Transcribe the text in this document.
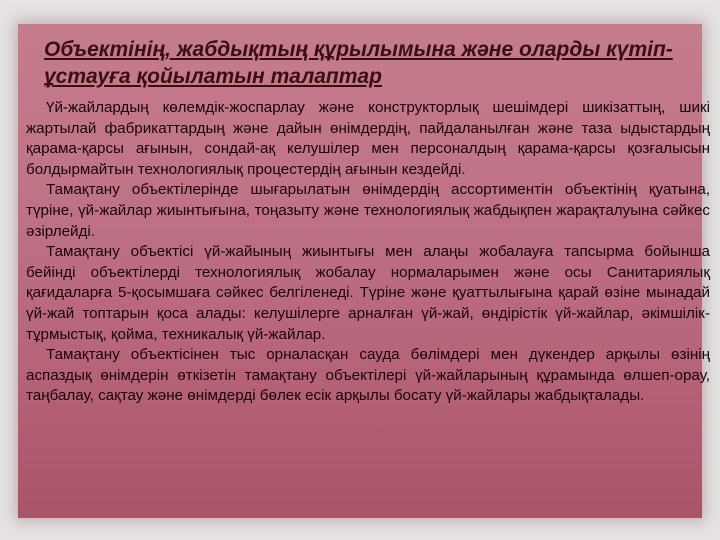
Объектінің, жабдықтың құрылымына және оларды күтіп-ұстауға қойылатын талаптар

Үй-жайлардың көлемдік-жоспарлау және конструкторлық шешімдері шикізаттың, шикі жартылай фабрикаттардың және дайын өнімдердің, пайдаланылған және таза ыдыстардың қарама-қарсы ағынын, сондай-ақ келушілер мен персоналдың қарама-қарсы қозғалысын болдырмайтын технологиялық процестердің ағынын кездейді.

Тамақтану объектілерінде шығарылатын өнімдердің ассортиментін объектінің қуатына, түріне, үй-жайлар жиынтығына, тоңазыту және технологиялық жабдықпен жарақталуына сәйкес әзірлейді.

Тамақтану объектісі үй-жайының жиынтығы мен алаңы жобалауға тапсырма бойынша бейінді объектілерді технологиялық жобалау нормаларымен және осы Санитариялық қағидаларға 5-қосымшаға сәйкес белгіленеді. Түріне және қуаттылығына қарай өзіне мынадай үй-жай топтарын қоса алады: келушілерге арналған үй-жай, өндірістік үй-жайлар, әкімшілік-тұрмыстық, қойма, техникалық үй-жайлар.

Тамақтану объектісінен тыс орналасқан сауда бөлімдері мен дүкендер арқылы өзінің аспаздық өнімдерін өткізетін тамақтану объектілері үй-жайларының құрамында өлшеп-орау, таңбалау, сақтау және өнімдерді бөлек есік арқылы босату үй-жайлары жабдықталады.
